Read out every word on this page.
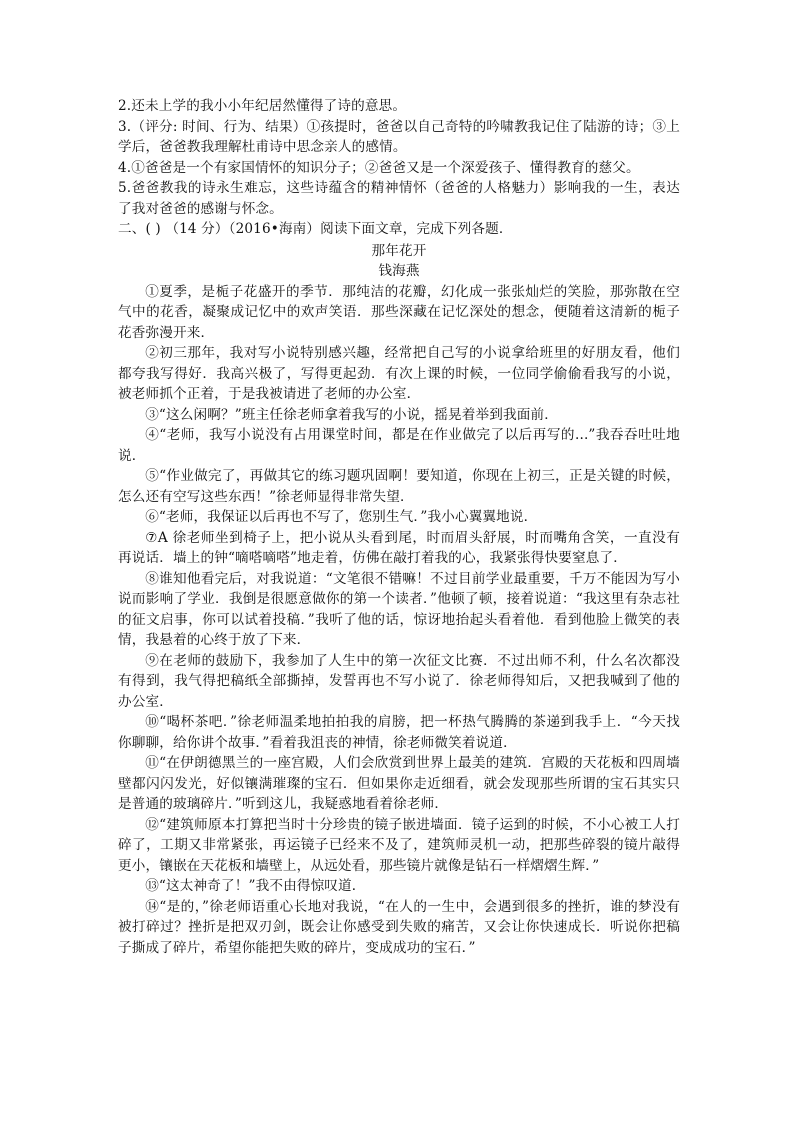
2.还未上学的我小小年纪居然懂得了诗的意思。

3.（评分: 时间、行为、结果）①孩提时，爸爸以自己奇特的吟啸教我记住了陆游的诗；③上学后，爸爸教我理解杜甫诗中思念亲人的感情。

4.①爸爸是一个有家国情怀的知识分子；②爸爸又是一个深爱孩子、懂得教育的慈父。

5.爸爸教我的诗永生难忘，这些诗蕴含的精神情怀（爸爸的人格魅力）影响我的一生，表达了我对爸爸的感谢与怀念。

二、( ) （14 分）（2016•海南）阅读下面文章，完成下列各题．

那年花开

钱海燕

①夏季，是栀子花盛开的季节．那纯洁的花瓣，幻化成一张张灿烂的笑脸，那弥散在空气中的花香，凝聚成记忆中的欢声笑语．那些深藏在记忆深处的想念，便随着这清新的栀子花香弥漫开来．

②初三那年，我对写小说特别感兴趣，经常把自己写的小说拿给班里的好朋友看，他们都夸我写得好．我高兴极了，写得更起劲．有次上课的时候，一位同学偷偷看我写的小说，被老师抓个正着，于是我被请进了老师的办公室．

③“这么闲啊？”班主任徐老师拿着我写的小说，摇晃着举到我面前．

④“老师，我写小说没有占用课堂时间，都是在作业做完了以后再写的...”我吞吞吐吐地说．

⑤“作业做完了，再做其它的练习题巩固啊！要知道，你现在上初三，正是关键的时候，怎么还有空写这些东西！”徐老师显得非常失望．

⑥“老师，我保证以后再也不写了，您别生气．”我小心翼翼地说．

⑦A 徐老师坐到椅子上，把小说从头看到尾，时而眉头舒展，时而嘴角含笑，一直没有再说话．墙上的钟“嘀嗒嘀嗒”地走着，仿佛在敲打着我的心，我紧张得快要窒息了．

⑧谁知他看完后，对我说道：“文笔很不错嘛！不过目前学业最重要，千万不能因为写小说而影响了学业．我倒是很愿意做你的第一个读者．”他顿了顿，接着说道：“我这里有杂志社的征文启事，你可以试着投稿．”我听了他的话，惊讶地抬起头看着他．看到他脸上微笑的表情，我悬着的心终于放了下来．

⑨在老师的鼓励下，我参加了人生中的第一次征文比赛．不过出师不利，什么名次都没有得到，我气得把稿纸全部撕掉，发誓再也不写小说了．徐老师得知后，又把我喊到了他的办公室．

⑩“喝杯茶吧．”徐老师温柔地拍拍我的肩膀，把一杯热气腾腾的茶递到我手上．“今天找你聊聊，给你讲个故事．”看着我沮丧的神情，徐老师微笑着说道．

⑪“在伊朗德黑兰的一座宫殿，人们会欣赏到世界上最美的建筑．宫殿的天花板和四周墙壁都闪闪发光，好似镶满璀璨的宝石．但如果你走近细看，就会发现那些所谓的宝石其实只是普通的玻璃碎片．”听到这儿，我疑惑地看着徐老师．

⑫“建筑师原本打算把当时十分珍贵的镜子嵌进墙面．镜子运到的时候，不小心被工人打碎了，工期又非常紧张，再运镜子已经来不及了，建筑师灵机一动，把那些碎裂的镜片敲得更小，镶嵌在天花板和墙壁上，从远处看，那些镜片就像是钻石一样熠熠生辉．”

⑬“这太神奇了！”我不由得惊叹道．

⑭“是的，”徐老师语重心长地对我说，“在人的一生中，会遇到很多的挫折，谁的梦没有被打碎过？挫折是把双刃剑，既会让你感受到失败的痛苦，又会让你快速成长．听说你把稿子撕成了碎片，希望你能把失败的碎片，变成成功的宝石．”
